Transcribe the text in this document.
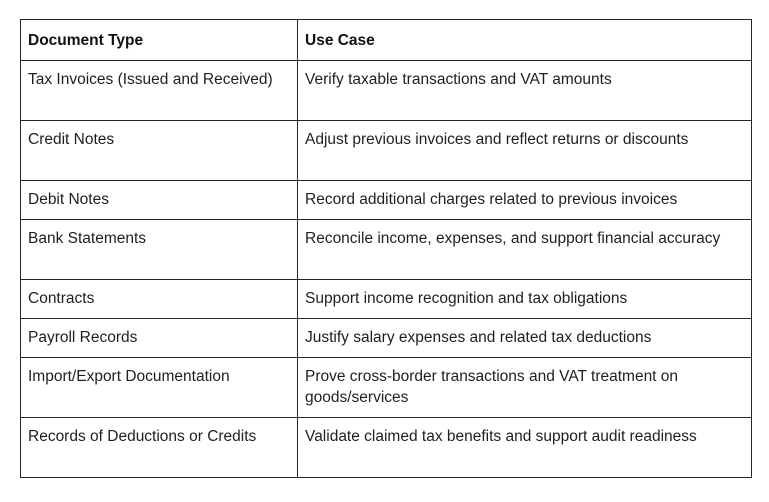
Document Type	Use Case
Tax Invoices (Issued and Received)	Verify taxable transactions and VAT amounts
Credit Notes	Adjust previous invoices and reflect returns or discounts
Debit Notes	Record additional charges related to previous invoices
Bank Statements	Reconcile income, expenses, and support financial accuracy
Contracts	Support income recognition and tax obligations
Payroll Records	Justify salary expenses and related tax deductions
Import/Export Documentation	Prove cross-border transactions and VAT treatment on goods/services
Records of Deductions or Credits	Validate claimed tax benefits and support audit readiness
